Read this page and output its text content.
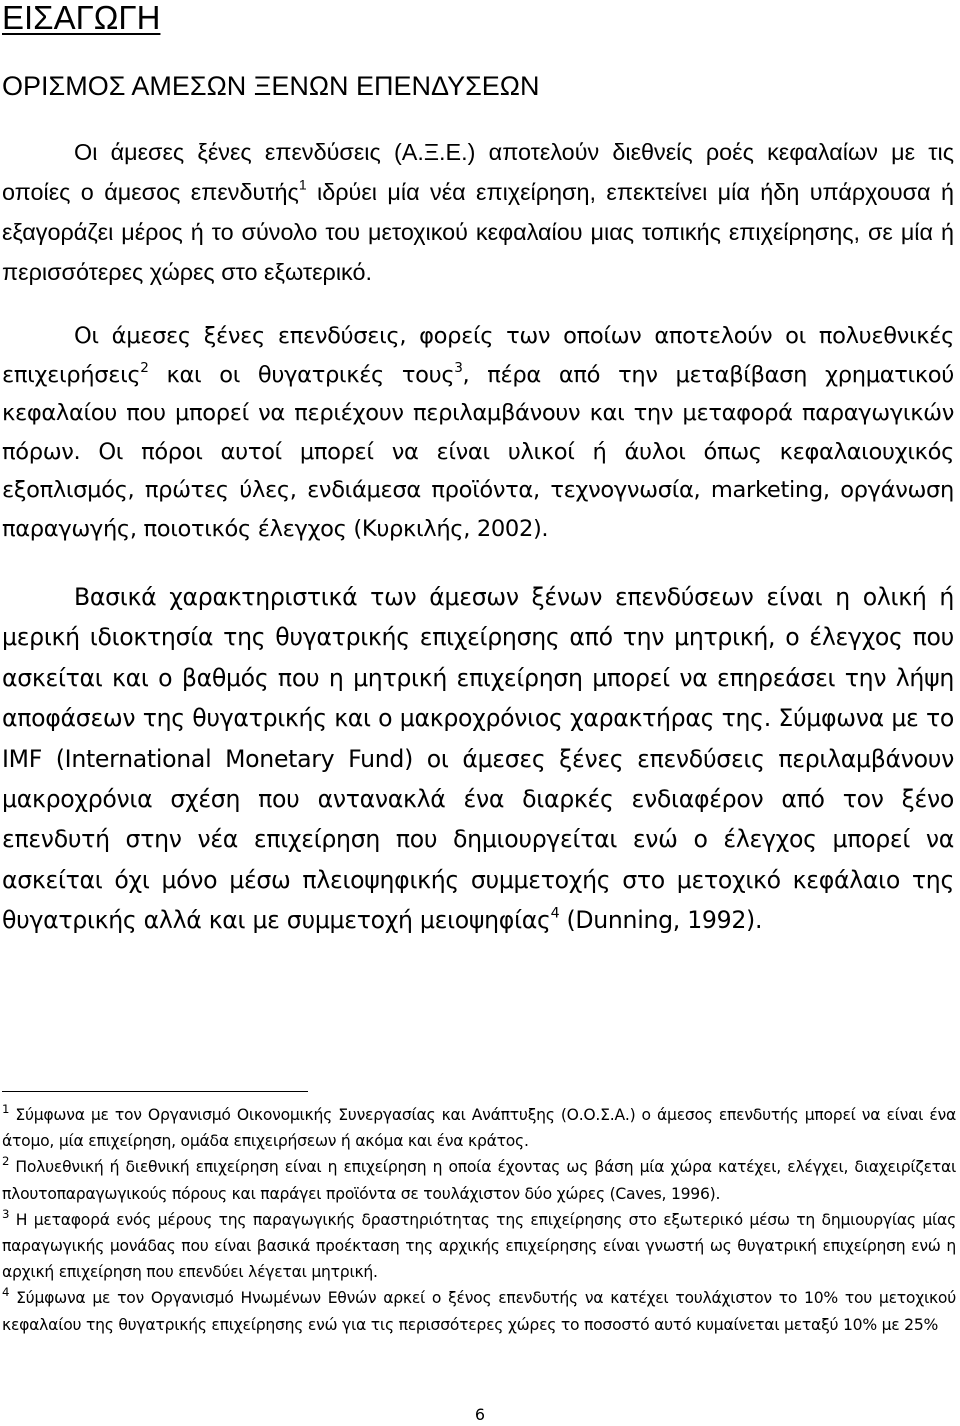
ΕΙΣΑΓΩΓΗ
ΟΡΙΣΜΟΣ ΑΜΕΣΩΝ ΞΕΝΩΝ ΕΠΕΝΔΥΣΕΩΝ

Οι άμεσες ξένες επενδύσεις (Α.Ξ.Ε.) αποτελούν διεθνείς ροές κεφαλαίων με τις οποίες ο άμεσος επενδυτής$^1$ ιδρύει μία νέα επιχείρηση, επεκτείνει μία ήδη υπάρχουσα ή εξαγοράζει μέρος ή το σύνολο του μετοχικού κεφαλαίου μιας τοπικής επιχείρησης, σε μία ή περισσότερες χώρες στο εξωτερικό.

Οι άμεσες ξένες επενδύσεις, φορείς των οποίων αποτελούν οι πολυεθνικές επιχειρήσεις$^2$ και οι θυγατρικές τους$^3$, πέρα από την μεταβίβαση χρηματικού κεφαλαίου που μπορεί να περιέχουν περιλαμβάνουν και την μεταφορά παραγωγικών πόρων. Οι πόροι αυτοί μπορεί να είναι υλικοί ή άυλοι όπως κεφαλαιουχικός εξοπλισμός, πρώτες ύλες, ενδιάμεσα προϊόντα, τεχνογνωσία, marketing, οργάνωση παραγωγής, ποιοτικός έλεγχος (Κυρκιλής, 2002).

Βασικά χαρακτηριστικά των άμεσων ξένων επενδύσεων είναι η ολική ή μερική ιδιοκτησία της θυγατρικής επιχείρησης από την μητρική, ο έλεγχος που ασκείται και ο βαθμός που η μητρική επιχείρηση μπορεί να επηρεάσει την λήψη αποφάσεων της θυγατρικής και ο μακροχρόνιος χαρακτήρας της. Σύμφωνα με το IMF (International Monetary Fund) οι άμεσες ξένες επενδύσεις περιλαμβάνουν μακροχρόνια σχέση που αντανακλά ένα διαρκές ενδιαφέρον από τον ξένο επενδυτή στην νέα επιχείρηση που δημιουργείται ενώ ο έλεγχος μπορεί να ασκείται όχι μόνο μέσω πλειοψηφικής συμμετοχής στο μετοχικό κεφάλαιο της θυγατρικής αλλά και με συμμετοχή μειοψηφίας$^4$ (Dunning, 1992).

$^1$ Σύμφωνα με τον Οργανισμό Οικονομικής Συνεργασίας και Ανάπτυξης (Ο.Ο.Σ.Α.) ο άμεσος επενδυτής μπορεί να είναι ένα άτομο, μία επιχείρηση, ομάδα επιχειρήσεων ή ακόμα και ένα κράτος.

$^2$ Πολυεθνική ή διεθνική επιχείρηση είναι η επιχείρηση η οποία έχοντας ως βάση μία χώρα κατέχει, ελέγχει, διαχειρίζεται πλουτοπαραγωγικούς πόρους και παράγει προϊόντα σε τουλάχιστον δύο χώρες (Caves, 1996).

$^3$ Η μεταφορά ενός μέρους της παραγωγικής δραστηριότητας της επιχείρησης στο εξωτερικό μέσω τη δημιουργίας μίας παραγωγικής μονάδας που είναι βασικά προέκταση της αρχικής επιχείρησης είναι γνωστή ως θυγατρική επιχείρηση ενώ η αρχική επιχείρηση που επενδύει λέγεται μητρική.

$^4$ Σύμφωνα με τον Οργανισμό Ηνωμένων Εθνών αρκεί ο ξένος επενδυτής να κατέχει τουλάχιστον το 10% του μετοχικού κεφαλαίου της θυγατρικής επιχείρησης ενώ για τις περισσότερες χώρες το ποσοστό αυτό κυμαίνεται μεταξύ 10% με 25%

6
